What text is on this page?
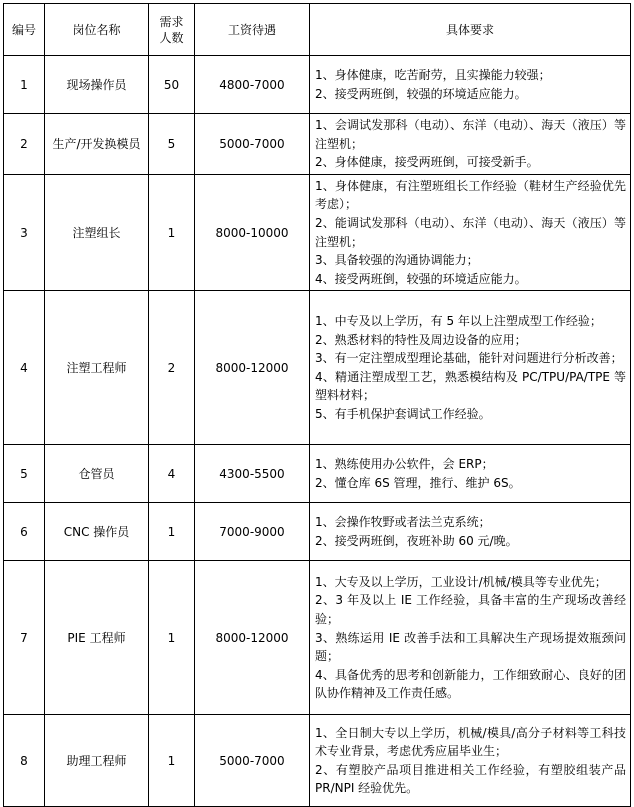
编号	岗位名称	需求人数	工资待遇	具体要求
1	现场操作员	50	4800-7000	1、身体健康，吃苦耐劳，且实操能力较强；
2、接受两班倒，较强的环境适应能力。

2	生产/开发换模员	5	5000-7000	1、会调试发那科（电动）、东洋（电动）、海天（液压）等注塑机；
2、身体健康，接受两班倒，可接受新手。

3	注塑组长	1	8000-10000	1、身体健康，有注塑班组长工作经验（鞋材生产经验优先考虑）；
2、能调试发那科（电动）、东洋（电动）、海天（液压）等注塑机；
3、具备较强的沟通协调能力；
4、接受两班倒，较强的环境适应能力。

4	注塑工程师	2	8000-12000	1、中专及以上学历，有 5 年以上注塑成型工作经验；
2、熟悉材料的特性及周边设备的应用；
3、有一定注塑成型理论基础，能针对问题进行分析改善；
4、精通注塑成型工艺，熟悉模结构及 PC/TPU/PA/TPE 等塑料材料；
5、有手机保护套调试工作经验。

5	仓管员	4	4300-5500	1、熟练使用办公软件，会 ERP；
2、懂仓库 6S 管理，推行、维护 6S。

6	CNC 操作员	1	7000-9000	1、会操作牧野或者法兰克系统；
2、接受两班倒，夜班补助 60 元/晚。

7	PIE 工程师	1	8000-12000	1、大专及以上学历，工业设计/机械/模具等专业优先；
2、3 年及以上 IE 工作经验，具备丰富的生产现场改善经验；
3、熟练运用 IE 改善手法和工具解决生产现场提效瓶颈问题；
4、具备优秀的思考和创新能力，工作细致耐心、良好的团队协作精神及工作责任感。

8	助理工程师	1	5000-7000	1、全日制大专以上学历，机械/模具/高分子材料等工科技术专业背景，考虑优秀应届毕业生；
2、有塑胶产品项目推进相关工作经验，有塑胶组装产品 PR/NPI 经验优先。
